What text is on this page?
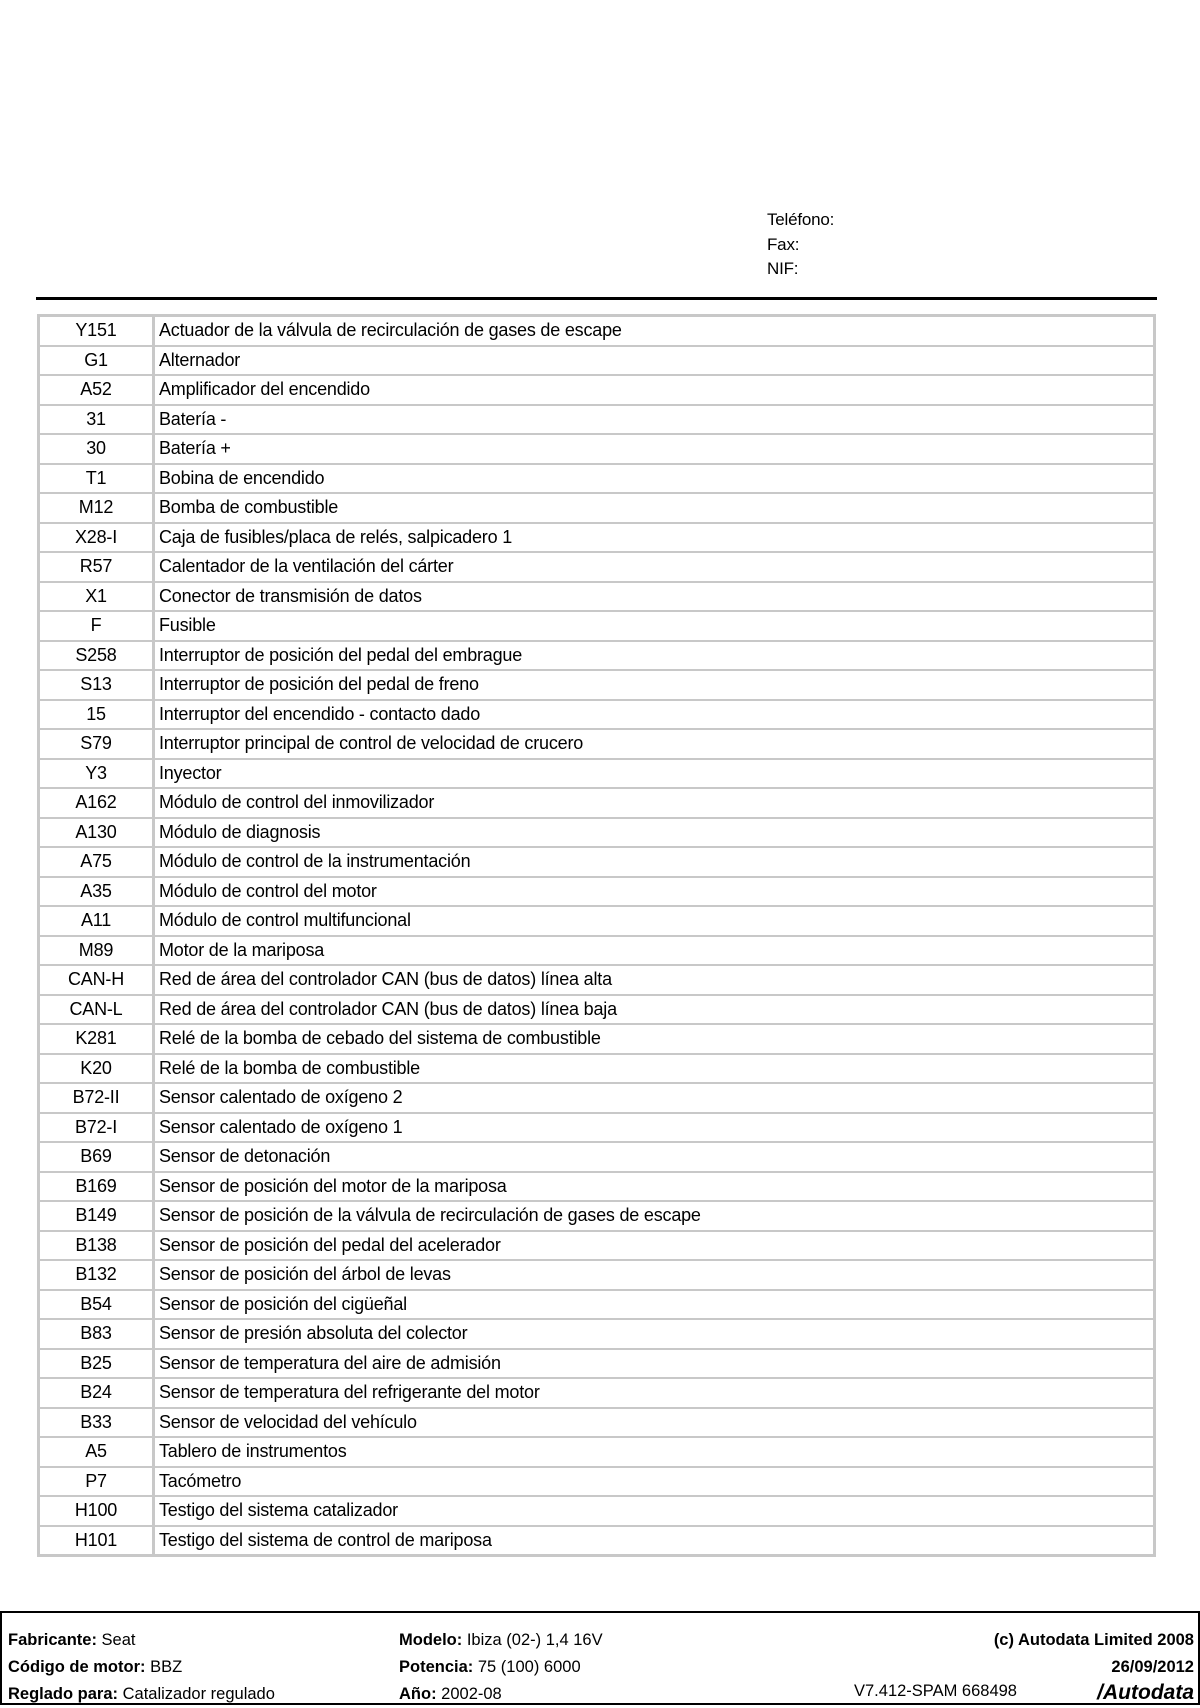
Teléfono:
Fax:
NIF:
Y151	Actuador de la válvula de recirculación de gases de escape
G1	Alternador
A52	Amplificador del encendido
31	Batería -
30	Batería +
T1	Bobina de encendido
M12	Bomba de combustible
X28-I	Caja de fusibles/placa de relés, salpicadero 1
R57	Calentador de la ventilación del cárter
X1	Conector de transmisión de datos
F	Fusible
S258	Interruptor de posición del pedal del embrague
S13	Interruptor de posición del pedal de freno
15	Interruptor del encendido - contacto dado
S79	Interruptor principal de control de velocidad de crucero
Y3	Inyector
A162	Módulo de control del inmovilizador
A130	Módulo de diagnosis
A75	Módulo de control de la instrumentación
A35	Módulo de control del motor
A11	Módulo de control multifuncional
M89	Motor de la mariposa
CAN-H	Red de área del controlador CAN (bus de datos) línea alta
CAN-L	Red de área del controlador CAN (bus de datos) línea baja
K281	Relé de la bomba de cebado del sistema de combustible
K20	Relé de la bomba de combustible
B72-II	Sensor calentado de oxígeno 2
B72-I	Sensor calentado de oxígeno 1
B69	Sensor de detonación
B169	Sensor de posición del motor de la mariposa
B149	Sensor de posición de la válvula de recirculación de gases de escape
B138	Sensor de posición del pedal del acelerador
B132	Sensor de posición del árbol de levas
B54	Sensor de posición del cigüeñal
B83	Sensor de presión absoluta del colector
B25	Sensor de temperatura del aire de admisión
B24	Sensor de temperatura del refrigerante del motor
B33	Sensor de velocidad del vehículo
A5	Tablero de instrumentos
P7	Tacómetro
H100	Testigo del sistema catalizador
H101	Testigo del sistema de control de mariposa
Fabricante: Seat
Código de motor: BBZ
Reglado para: Catalizador regulado
Modelo: Ibiza (02-) 1,4 16V
Potencia: 75 (100) 6000
Año: 2002-08
(c) Autodata Limited 2008
26/09/2012
V7.412-SPAM 668498	/Autodata
